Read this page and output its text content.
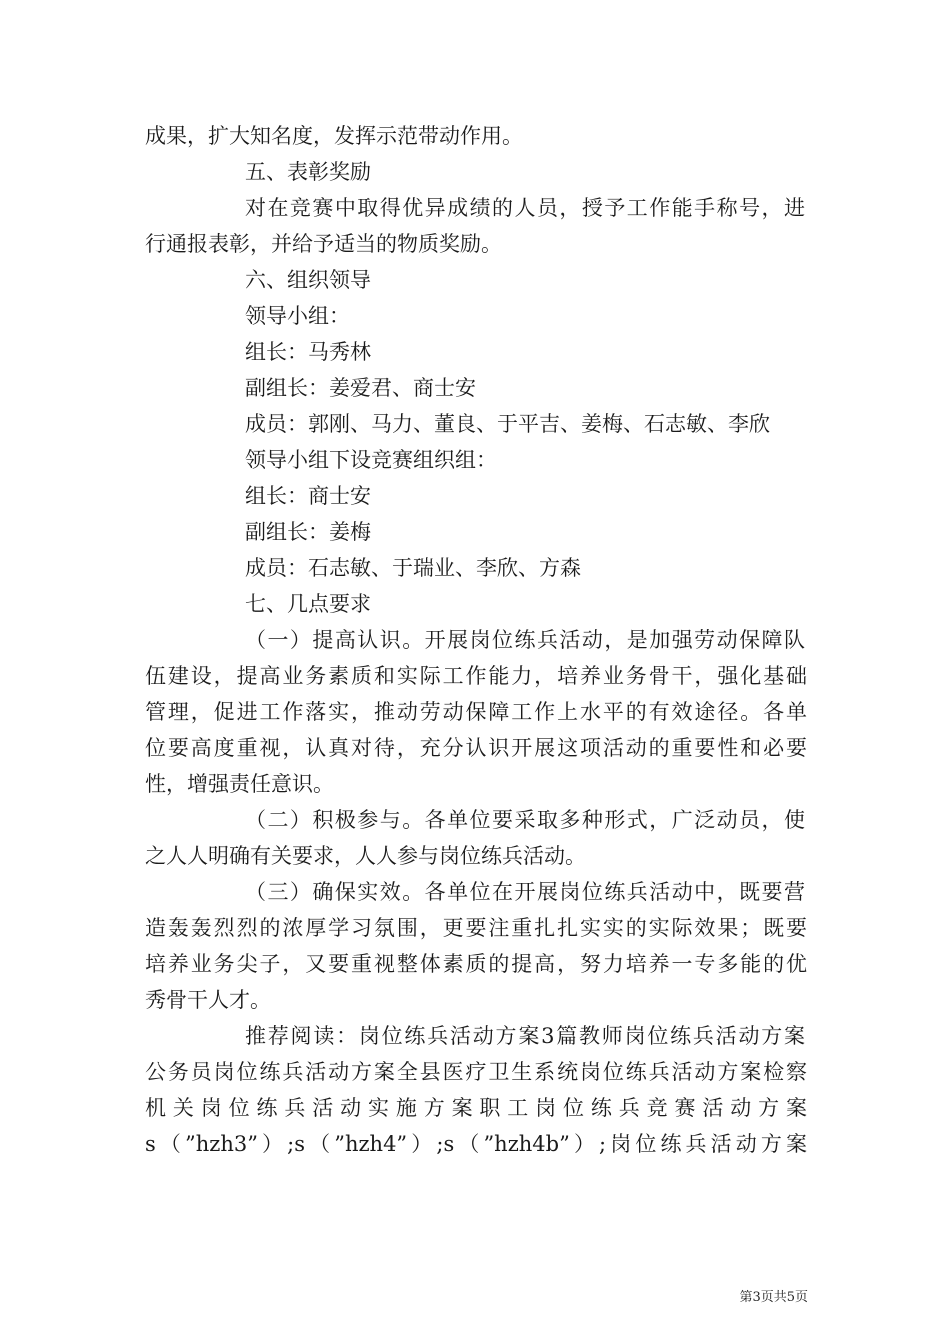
成果，扩大知名度，发挥示范带动作用。
五、表彰奖励
对在竞赛中取得优异成绩的人员，授予工作能手称号，进
行通报表彰，并给予适当的物质奖励。
六、组织领导
领导小组：
组长：马秀林
副组长：姜爱君、商士安
成员：郭刚、马力、董良、于平吉、姜梅、石志敏、李欣
领导小组下设竞赛组织组：
组长：商士安
副组长：姜梅
成员：石志敏、于瑞业、李欣、方森
七、几点要求
（一）提高认识。开展岗位练兵活动，是加强劳动保障队
伍建设，提高业务素质和实际工作能力，培养业务骨干，强化基础
管理，促进工作落实，推动劳动保障工作上水平的有效途径。各单
位要高度重视，认真对待，充分认识开展这项活动的重要性和必要
性，增强责任意识。
（二）积极参与。各单位要采取多种形式，广泛动员，使
之人人明确有关要求，人人参与岗位练兵活动。
（三）确保实效。各单位在开展岗位练兵活动中，既要营
造轰轰烈烈的浓厚学习氛围，更要注重扎扎实实的实际效果；既要
培养业务尖子，又要重视整体素质的提高，努力培养一专多能的优
秀骨干人才。
推荐阅读：岗位练兵活动方案3篇教师岗位练兵活动方案
公务员岗位练兵活动方案全县医疗卫生系统岗位练兵活动方案检察
机关岗位练兵活动实施方案职工岗位练兵竞赛活动方案
s（”hzh3”）;s（”hzh4”）;s（”hzh4b”）;岗位练兵活动方案
第3页共5页
